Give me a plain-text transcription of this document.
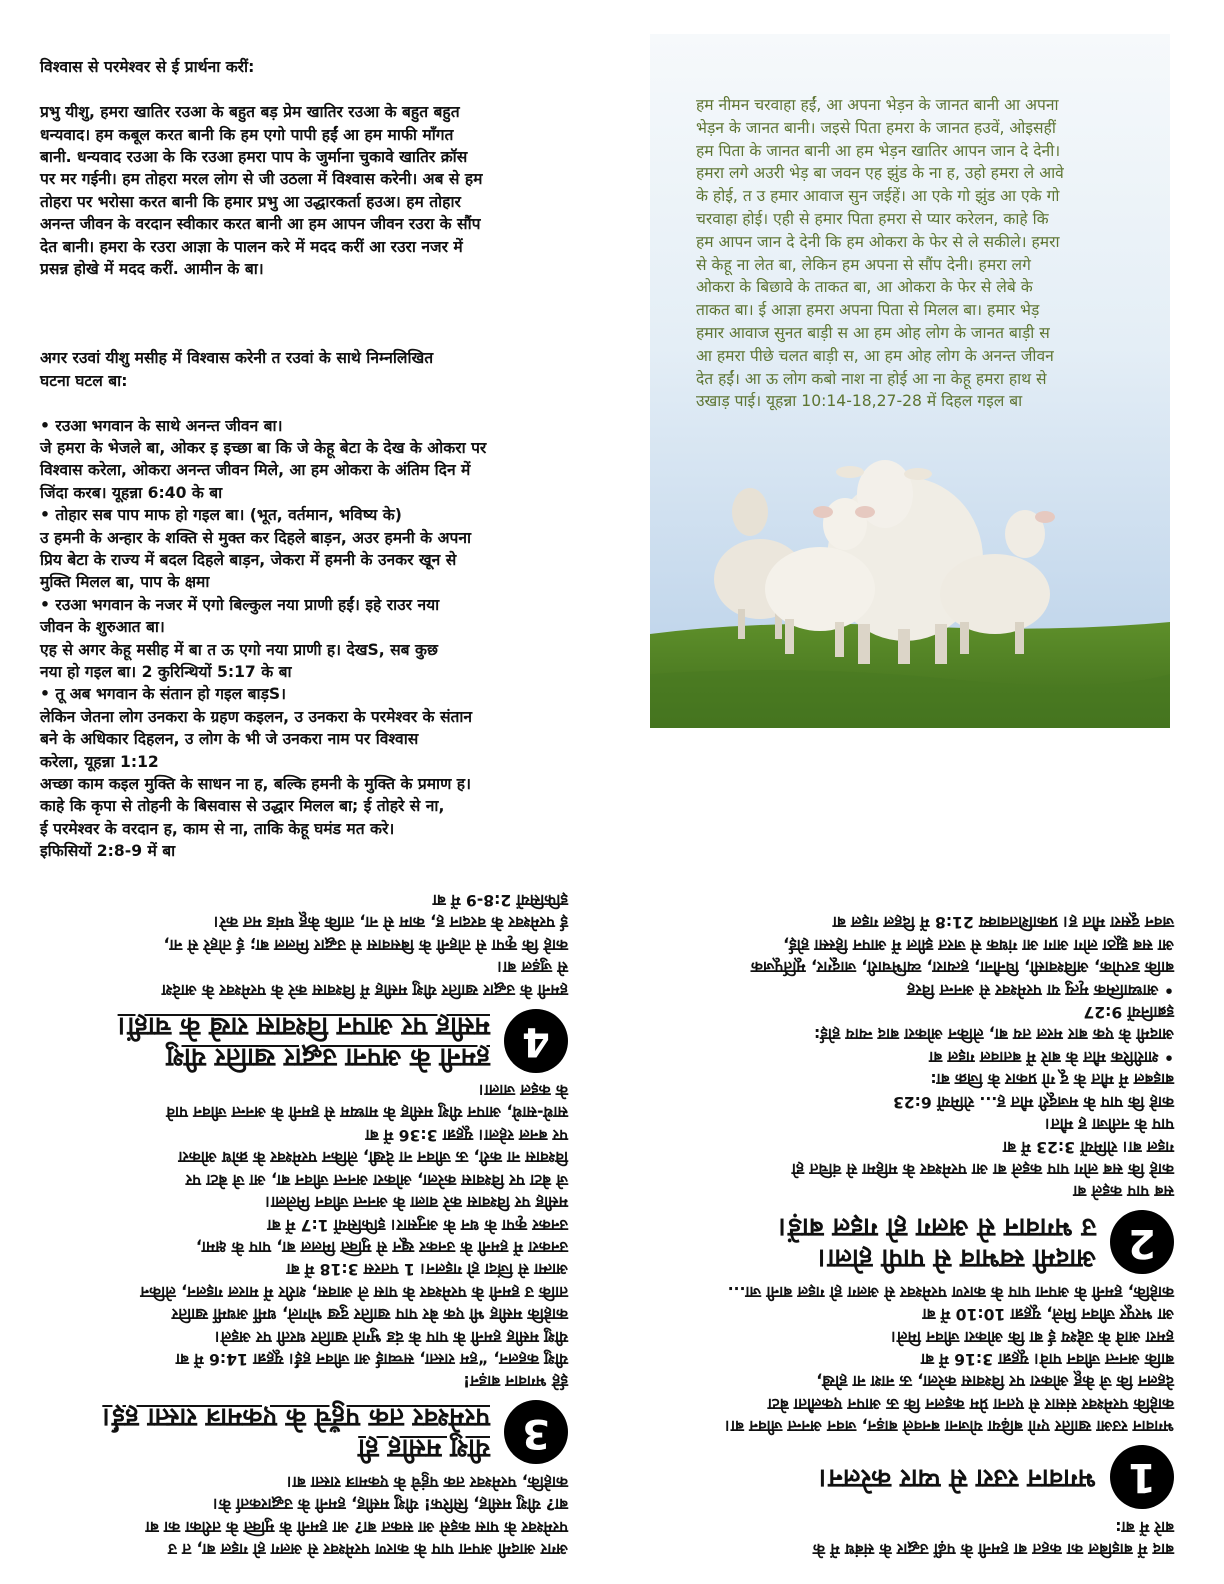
विश्वास से परमेश्वर से ई प्रार्थना करीं:

प्रभु यीशु, हमरा खातिर रउआ के बहुत बड़ प्रेम खातिर रउआ के बहुत बहुत
धन्यवाद। हम कबूल करत बानी कि हम एगो पापी हईं आ हम माफी माँगत
बानी. धन्यवाद रउआ के कि रउआ हमरा पाप के जुर्माना चुकावे खातिर क्रॉस
पर मर गईनी। हम तोहरा मरल लोग से जी उठला में विश्वास करेनी। अब से हम
तोहरा पर भरोसा करत बानी कि हमार प्रभु आ उद्धारकर्ता हउअ। हम तोहार
अनन्त जीवन के वरदान स्वीकार करत बानी आ हम आपन जीवन रउरा के सौंप
देत बानी। हमरा के रउरा आज्ञा के पालन करे में मदद करीं आ रउरा नजर में
प्रसन्न होखे में मदद करीं. आमीन के बा।

अगर रउवां यीशु मसीह में विश्वास करेनी त रउवां के साथे निम्नलिखित
घटना घटल बा:

• रउआ भगवान के साथे अनन्त जीवन बा।
जे हमरा के भेजले बा, ओकर इ इच्छा बा कि जे केहू बेटा के देख के ओकरा पर
विश्वास करेला, ओकरा अनन्त जीवन मिले, आ हम ओकरा के अंतिम दिन में
जिंदा करब। यूहन्ना 6:40 के बा
• तोहार सब पाप माफ हो गइल बा। (भूत, वर्तमान, भविष्य के)
उ हमनी के अन्हार के शक्ति से मुक्त कर दिहले बाड़न, अउर हमनी के अपना
प्रिय बेटा के राज्य में बदल दिहले बाड़न, जेकरा में हमनी के उनकर खून से
मुक्ति मिलल बा, पाप के क्षमा
• रउआ भगवान के नजर में एगो बिल्कुल नया प्राणी हईं। इहे राउर नया
जीवन के शुरुआत बा।
एह से अगर केहू मसीह में बा त ऊ एगो नया प्राणी ह। देखS, सब कुछ
नया हो गइल बा। 2 कुरिन्थियों 5:17 के बा
• तू अब भगवान के संतान हो गइल बाड़S।
लेकिन जेतना लोग उनकरा के ग्रहण कइलन, उ उनकरा के परमेश्वर के संतान
बने के अधिकार दिहलन, उ लोग के भी जे उनकरा नाम पर विश्वास
करेला, यूहन्ना 1:12
अच्छा काम कइल मुक्ति के साधन ना ह, बल्कि हमनी के मुक्ति के प्रमाण ह।
काहे कि कृपा से तोहनी के बिसवास से उद्धार मिलल बा; ई तोहरे से ना,
ई परमेश्वर के वरदान ह, काम से ना, ताकि केहू घमंड मत करे।
इफिसियों 2:8-9 में बा

हम नीमन चरवाहा हईं, आ अपना भेड़न के जानत बानी आ अपना
भेड़न के जानत बानी। जइसे पिता हमरा के जानत हउवें, ओइसहीं
हम पिता के जानत बानी आ हम भेड़न खातिर आपन जान दे देनी।
हमरा लगे अउरी भेड़ बा जवन एह झुंड के ना ह, उहो हमरा ले आवे
के होई, त उ हमार आवाज सुन जईहें। आ एके गो झुंड आ एके गो
चरवाहा होई। एही से हमार पिता हमरा से प्यार करेलन, काहे कि
हम आपन जान दे देनी कि हम ओकरा के फेर से ले सकीले। हमरा
से केहू ना लेत बा, लेकिन हम अपना से सौंप देनी। हमरा लगे
ओकरा के बिछावे के ताकत बा, आ ओकरा के फेर से लेबे के
ताकत बा। ई आज्ञा हमरा अपना पिता से मिलल बा। हमार भेड़
हमार आवाज सुनत बाड़ी स आ हम ओह लोग के जानत बाड़ी स
आ हमरा पीछे चलत बाड़ी स, आ हम ओह लोग के अनन्त जीवन
देत हईं। आ ऊ लोग कबो नाश ना होई आ ना केहू हमरा हाथ से
उखाड़ पाई। यूहन्ना 10:14-18,27-28 में दिहल गइल बा
बाद में बाइबिल का कहत बा हमनी के पढ़ीं उद्धार के संबंध में के
बारे में बा:
1
भगवान रउरा से प्यार करेलन।
भगवान रउआ खातिर एगो बढ़िया योजना बनवले बाड़न, जवन अनन्त जीवन बा।
काहेकि परमेश्वर संसार से एतना प्रेम कइलन कि ऊ आपन एकलौता बेटा
देहलन कि जे केहू ओकरा पर विश्वास करेला, ऊ नाश ना होखे,
बाकि अनन्त जीवन पावे। यूहन्ना 3:16 में बा
हमरा आवे के उद्देश्य ई बा कि ओकरा जीवन मिले।
आ भरपूर जीवन मिले, यूहन्ना 10:10 में बा
काहेकि, हमनी के अपना पाप के कारण परमेश्वर से अलग हो गइल बानी जा...
2
आदमी स्वभाव से पापी होला।
उ भगवान से अलग हो गइल बाड़ें।
सब पाप कइले बा
काहे कि सब लोग पाप कइले बा आ परमेश्वर के महिमा से वंचित हो
गइल बा। रोमियों 3:23 में बा
पाप के नतीजा ह मौत।
काहे कि पाप के मजदूरी मौत ह... रोमियों 6:23
बाइबल में मौत के दू गो प्रकार के जिक्र बा:
• शारीरिक मौत के बारे में बतावल गइल बा
आदमी के एक बार मरल तय बा, लेकिन ओकरा बाद न्याय होई:
इब्रानियों 9:27
• आध्यात्मिक मृत्यु या परमेश्वर से अनन्त विरह
बाकि डरपोक, अविश्वासी, घिनौना, हत्यारा, व्यभिचारी, जादूगर, मूर्तिपूजक
आ सब झूठा लोग आग आ गंधक से जरत झील में आपन हिस्सा होई,
जवन दूसरा मौत ह। प्रकाशितवाक्य 21:8 में दिहल गइल बा
अगर आदमी अपना पाप के कारण परमेश्वर से अलग हो गइल बा, त उ
परमेश्वर के पास कइसे आ सकत बा? आ हमनी के मुक्ति के तरीका का बा
बा? यीशु मसीह, सिरिफ! यीशु मसीह, हमनी के उद्धारकर्ता के।
काहेकि, परमेश्वर तक पहुंचे के एकमात्र रास्ता बा।
3
यीशु मसीह ही
परमेश्वर तक पहुँचे के एकमात्र रास्ता हईं।
ईहे भगवान बाड़न!
यीशु कहलन, “हम रास्ता, सच्चाई आ जीवन हईं। यूहन्ना 14:6 में बा
यीशु मसीह हमनी के पाप के दंड भुगते खातिर धरती पर अइले।
काहेकि मसीह भी एक बेर पाप खातिर दुख भोगले, धर्मी अधर्मी खातिर
ताकि उ हमनी के परमेश्वर के पास ले आवस, शरीर में मारल गइलन, लेकिन
आत्मा से जिंदा हो गइलन। 1 पतरस 3:18 में बा
उनकरा में हमनी के उनकर खून से मुक्ति मिलल बा, पाप के क्षमा,
उनकर कृपा के धन के अनुसार। इफिसियों 1:7 में बा
मसीह पर विश्वास करे वाला के अनन्त जीवन मिलेला।
जे बेटा पर विश्वास करेला, ओकरा अनन्त जीवन बा, आ जे बेटा पर
विश्वास ना करी, ऊ जीवन ना देखी, लेकिन परमेश्वर के क्रोध ओकरा
पर बनल रहेला। यूहन्ना 3:36 में बा
साथे-साथे, आपन यीशु मसीह के माध्यम से हमनी के अनन्त जीवन पावे
के कइल जाला।
4
हमनी के अपना उद्धार खातिर यीशु
मसीह पर आपन विश्वास राखे के चाहीं।
हमनी के उद्धार खातिर यीशु मसीह में विश्वास करे के परमेश्वर के आदेश
से जुड़ल बा।
काहे कि कृपा से तोहनी के बिसवास से उद्धार मिलल बा; ई तोहरे से ना,
ई परमेश्वर के वरदान ह, काम से ना, ताकि केहू घमंड मत करे।
इफिसियों 2:8-9 में बा
